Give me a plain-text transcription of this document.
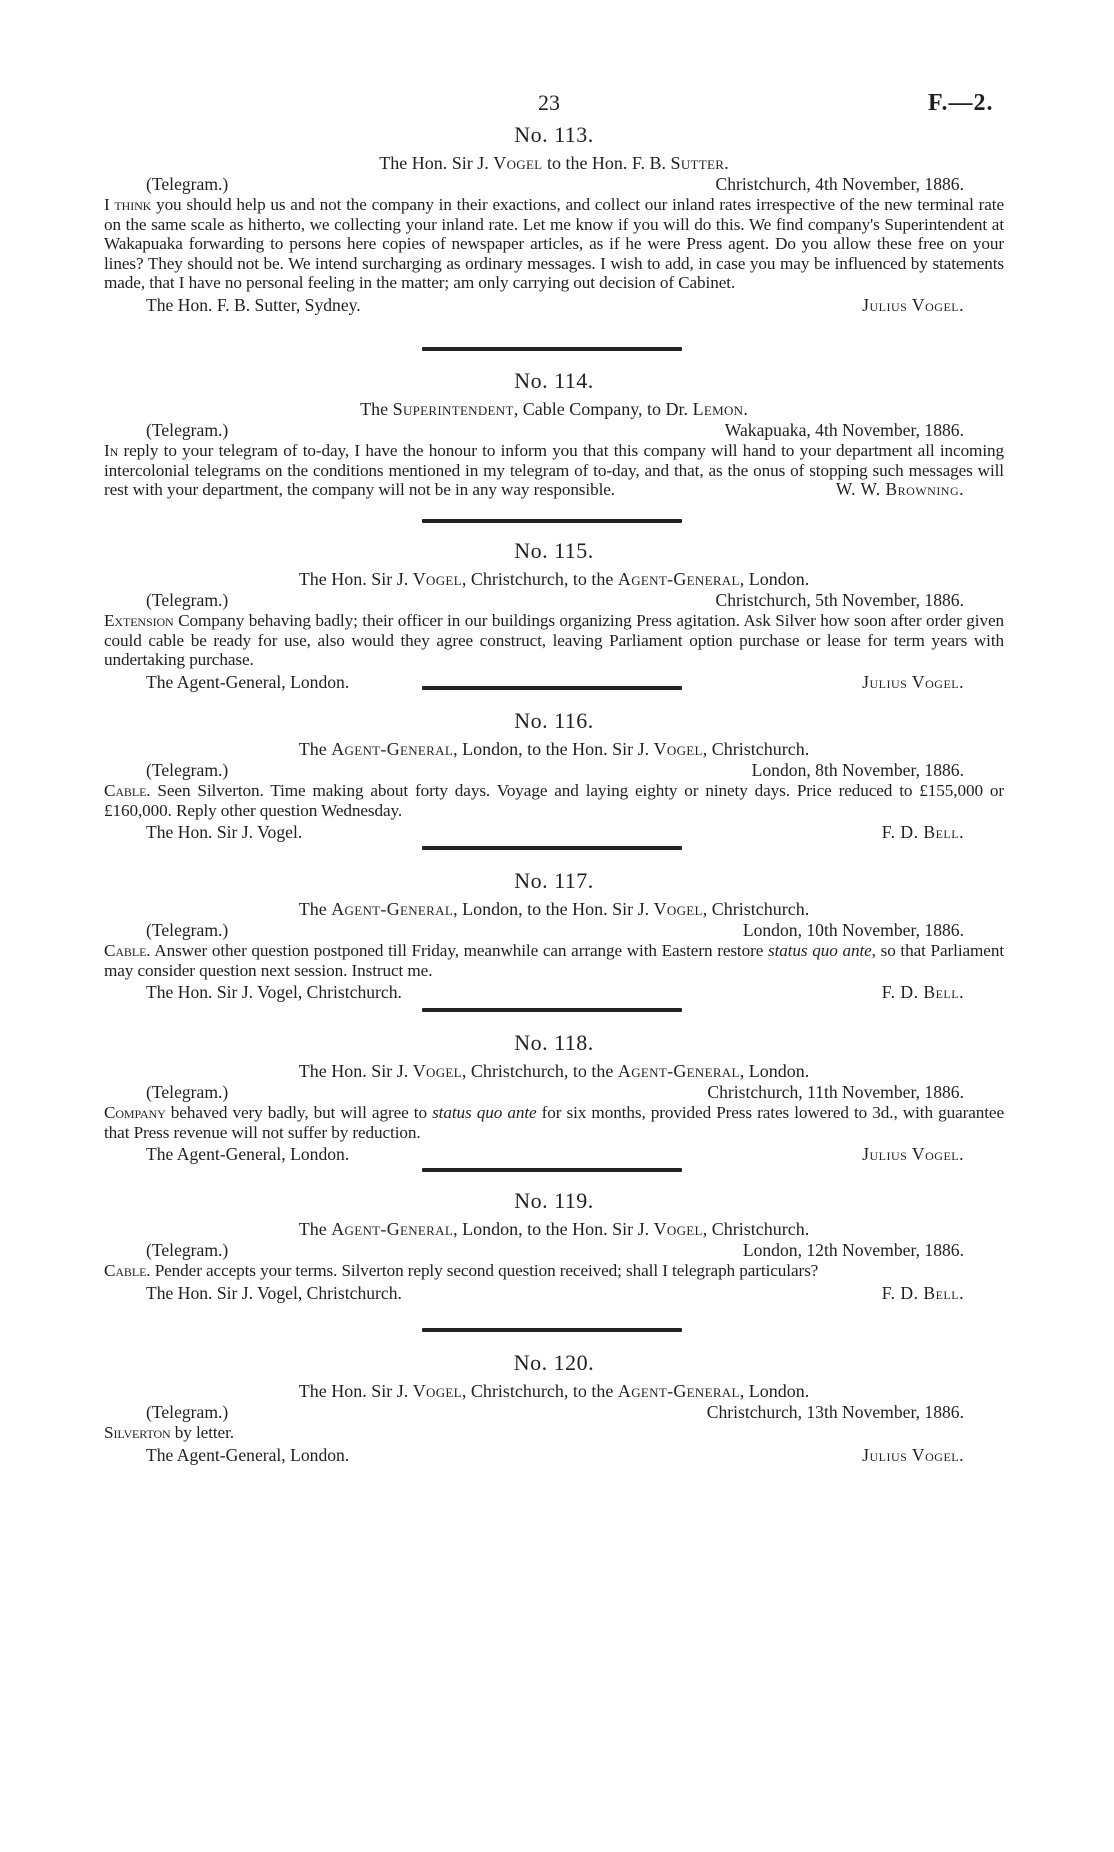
23	F.—2.
No. 113.
The Hon. Sir J. Vogel to the Hon. F. B. Sutter.
(Telegram.)	Christchurch, 4th November, 1886.
I think you should help us and not the company in their exactions, and collect our inland rates irrespective of the new terminal rate on the same scale as hitherto, we collecting your inland rate. Let me know if you will do this. We find company's Superintendent at Wakapuaka forwarding to persons here copies of newspaper articles, as if he were Press agent. Do you allow these free on your lines? They should not be. We intend surcharging as ordinary messages. I wish to add, in case you may be influenced by statements made, that I have no personal feeling in the matter; am only carrying out decision of Cabinet.
The Hon. F. B. Sutter, Sydney.	Julius Vogel.
No. 114.
The Superintendent, Cable Company, to Dr. Lemon.
(Telegram.)	Wakapuaka, 4th November, 1886.
In reply to your telegram of to-day, I have the honour to inform you that this company will hand to your department all incoming intercolonial telegrams on the conditions mentioned in my telegram of to-day, and that, as the onus of stopping such messages will rest with your department, the company will not be in any way responsible.	W. W. Browning.
No. 115.
The Hon. Sir J. Vogel, Christchurch, to the Agent-General, London.
(Telegram.)	Christchurch, 5th November, 1886.
Extension Company behaving badly; their officer in our buildings organizing Press agitation. Ask Silver how soon after order given could cable be ready for use, also would they agree construct, leaving Parliament option purchase or lease for term years with undertaking purchase.
The Agent-General, London.	Julius Vogel.
No. 116.
The Agent-General, London, to the Hon. Sir J. Vogel, Christchurch.
(Telegram.)	London, 8th November, 1886.
Cable. Seen Silverton. Time making about forty days. Voyage and laying eighty or ninety days. Price reduced to £155,000 or £160,000. Reply other question Wednesday.
The Hon. Sir J. Vogel.	F. D. Bell.
No. 117.
The Agent-General, London, to the Hon. Sir J. Vogel, Christchurch.
(Telegram.)	London, 10th November, 1886.
Cable. Answer other question postponed till Friday, meanwhile can arrange with Eastern restore status quo ante, so that Parliament may consider question next session. Instruct me.
The Hon. Sir J. Vogel, Christchurch.	F. D. Bell.
No. 118.
The Hon. Sir J. Vogel, Christchurch, to the Agent-General, London.
(Telegram.)	Christchurch, 11th November, 1886.
Company behaved very badly, but will agree to status quo ante for six months, provided Press rates lowered to 3d., with guarantee that Press revenue will not suffer by reduction.
The Agent-General, London.	Julius Vogel.
No. 119.
The Agent-General, London, to the Hon. Sir J. Vogel, Christchurch.
(Telegram.)	London, 12th November, 1886.
Cable. Pender accepts your terms. Silverton reply second question received; shall I telegraph particulars?
The Hon. Sir J. Vogel, Christchurch.	F. D. Bell.
No. 120.
The Hon. Sir J. Vogel, Christchurch, to the Agent-General, London.
(Telegram.)	Christchurch, 13th November, 1886.
Silverton by letter.
The Agent-General, London.	Julius Vogel.
